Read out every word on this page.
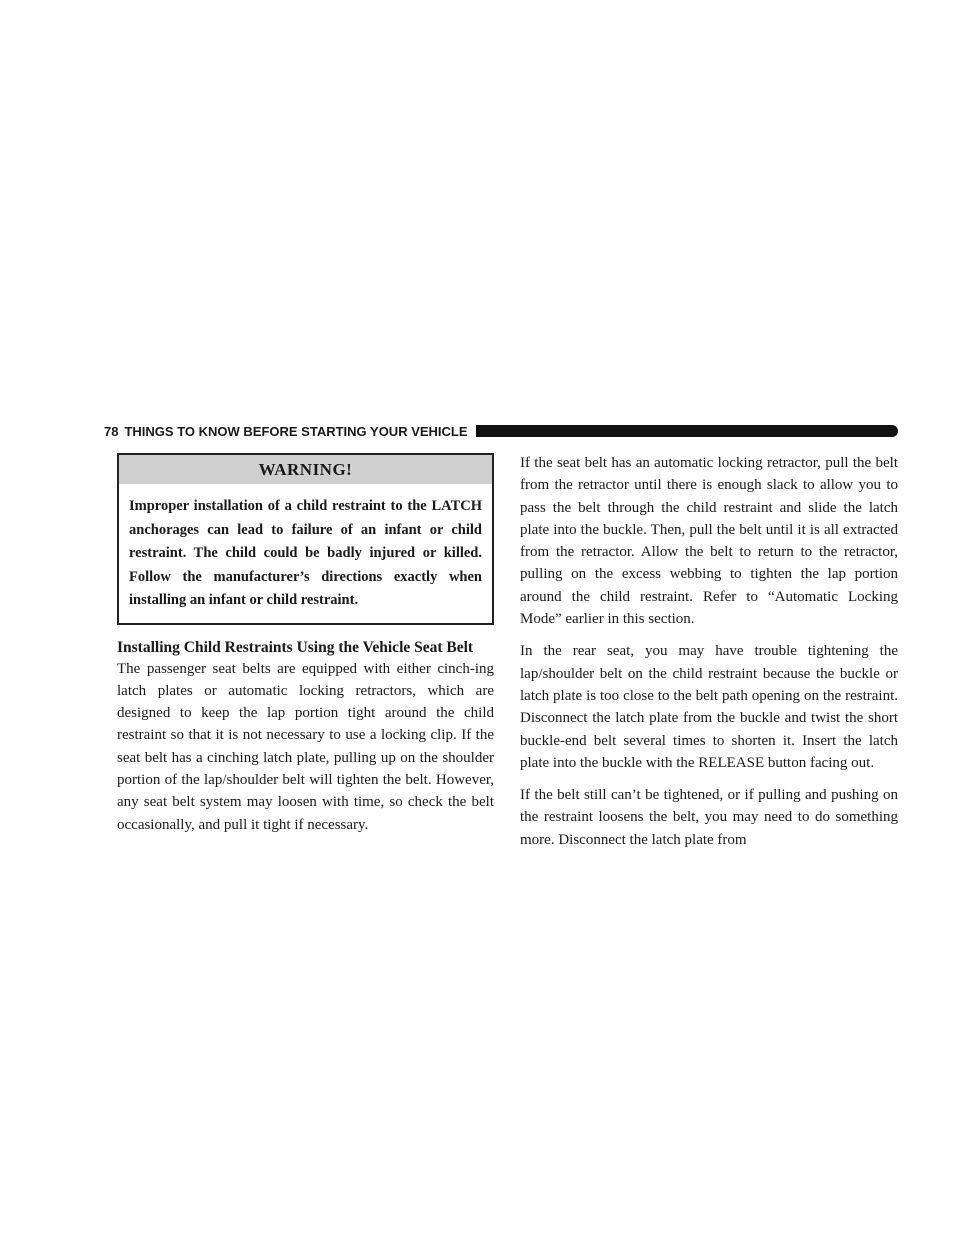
78 THINGS TO KNOW BEFORE STARTING YOUR VEHICLE
WARNING!
Improper installation of a child restraint to the LATCH anchorages can lead to failure of an infant or child restraint. The child could be badly injured or killed. Follow the manufacturer’s directions exactly when installing an infant or child restraint.
Installing Child Restraints Using the Vehicle Seat Belt

The passenger seat belts are equipped with either cinch-ing latch plates or automatic locking retractors, which are designed to keep the lap portion tight around the child restraint so that it is not necessary to use a locking clip. If the seat belt has a cinching latch plate, pulling up on the shoulder portion of the lap/shoulder belt will tighten the belt. However, any seat belt system may loosen with time, so check the belt occasionally, and pull it tight if necessary.

If the seat belt has an automatic locking retractor, pull the belt from the retractor until there is enough slack to allow you to pass the belt through the child restraint and slide the latch plate into the buckle. Then, pull the belt until it is all extracted from the retractor. Allow the belt to return to the retractor, pulling on the excess webbing to tighten the lap portion around the child restraint. Refer to “Automatic Locking Mode” earlier in this section.

In the rear seat, you may have trouble tightening the lap/shoulder belt on the child restraint because the buckle or latch plate is too close to the belt path opening on the restraint. Disconnect the latch plate from the buckle and twist the short buckle-end belt several times to shorten it. Insert the latch plate into the buckle with the RELEASE button facing out.

If the belt still can’t be tightened, or if pulling and pushing on the restraint loosens the belt, you may need to do something more. Disconnect the latch plate from
